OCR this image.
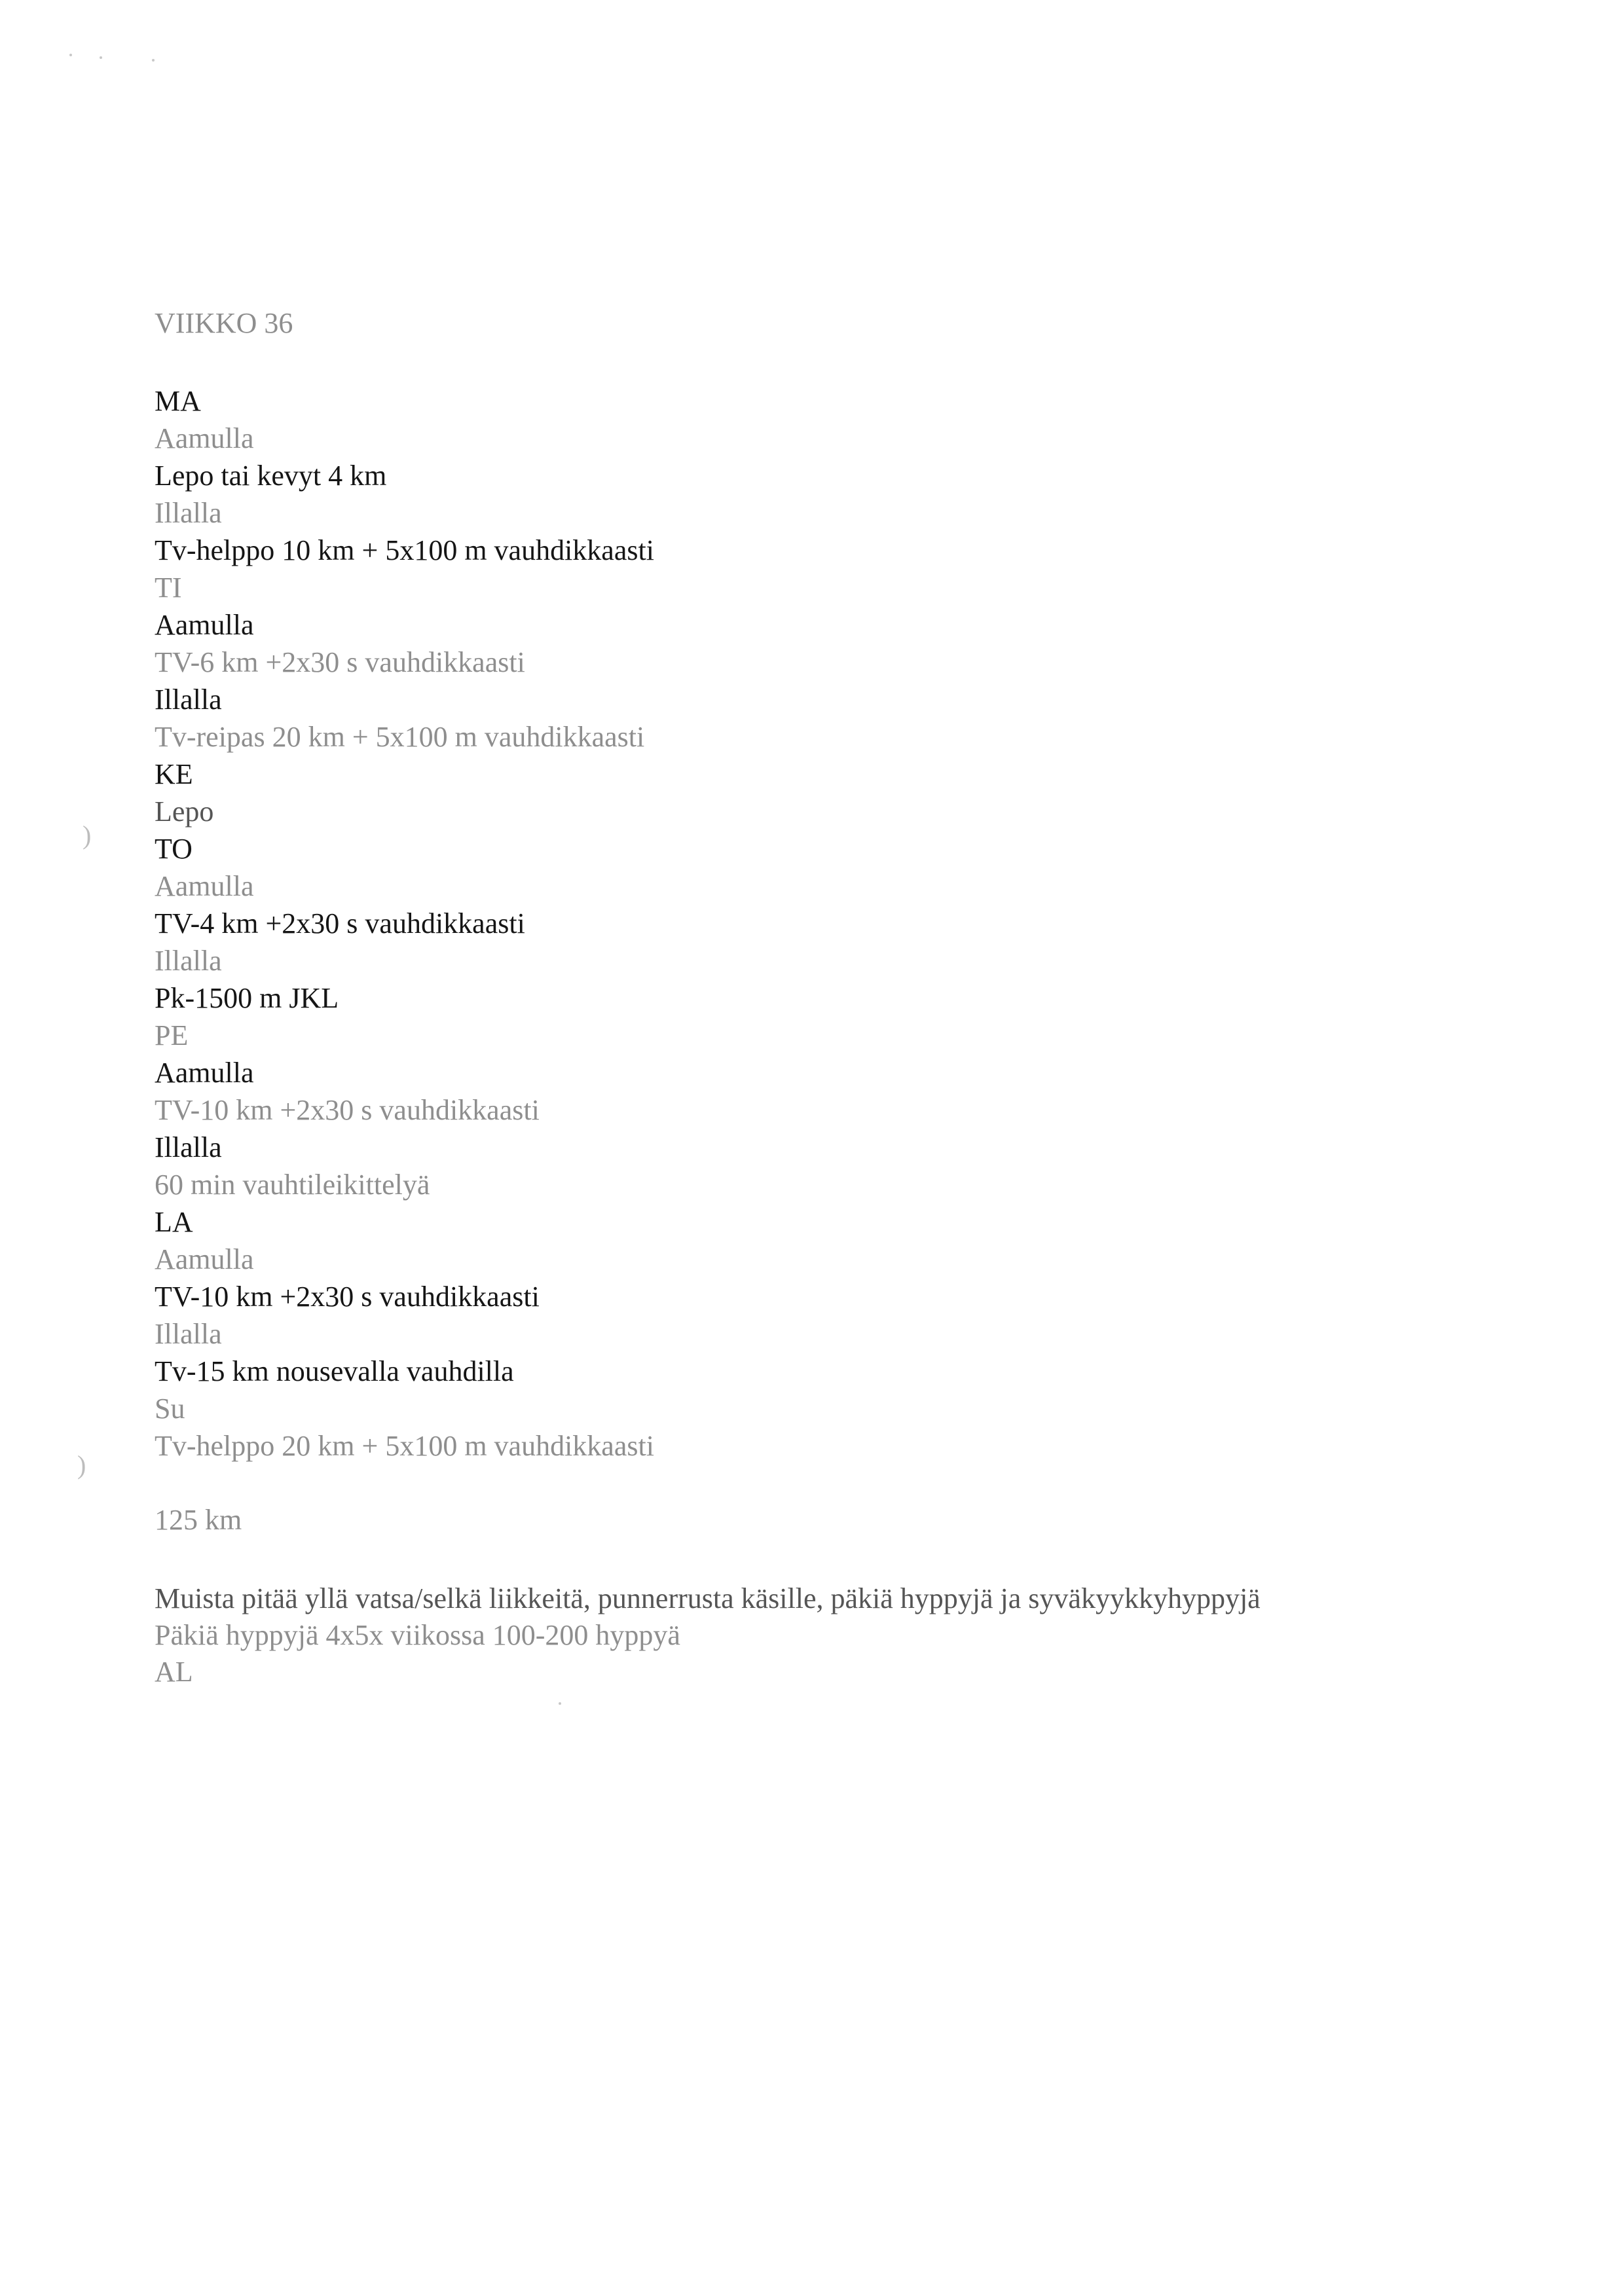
)
)
VIIKKO 36
MA
Aamulla
Lepo tai kevyt 4 km
Illalla
Tv-helppo 10 km + 5x100 m vauhdikkaasti
TI
Aamulla
TV-6 km +2x30 s vauhdikkaasti
Illalla
Tv-reipas 20 km + 5x100 m vauhdikkaasti
KE
Lepo
TO
Aamulla
TV-4 km +2x30 s vauhdikkaasti
Illalla
Pk-1500 m JKL
PE
Aamulla
TV-10 km +2x30 s vauhdikkaasti
Illalla
60 min vauhtileikittelyä
LA
Aamulla
TV-10 km +2x30 s vauhdikkaasti
Illalla
Tv-15 km nousevalla vauhdilla
Su
Tv-helppo 20 km + 5x100 m vauhdikkaasti
125 km
Muista pitää yllä vatsa/selkä liikkeitä, punnerrusta käsille, päkiä hyppyjä ja syväkyykkyhyppyjä
Päkiä hyppyjä 4x5x viikossa 100-200 hyppyä
AL
